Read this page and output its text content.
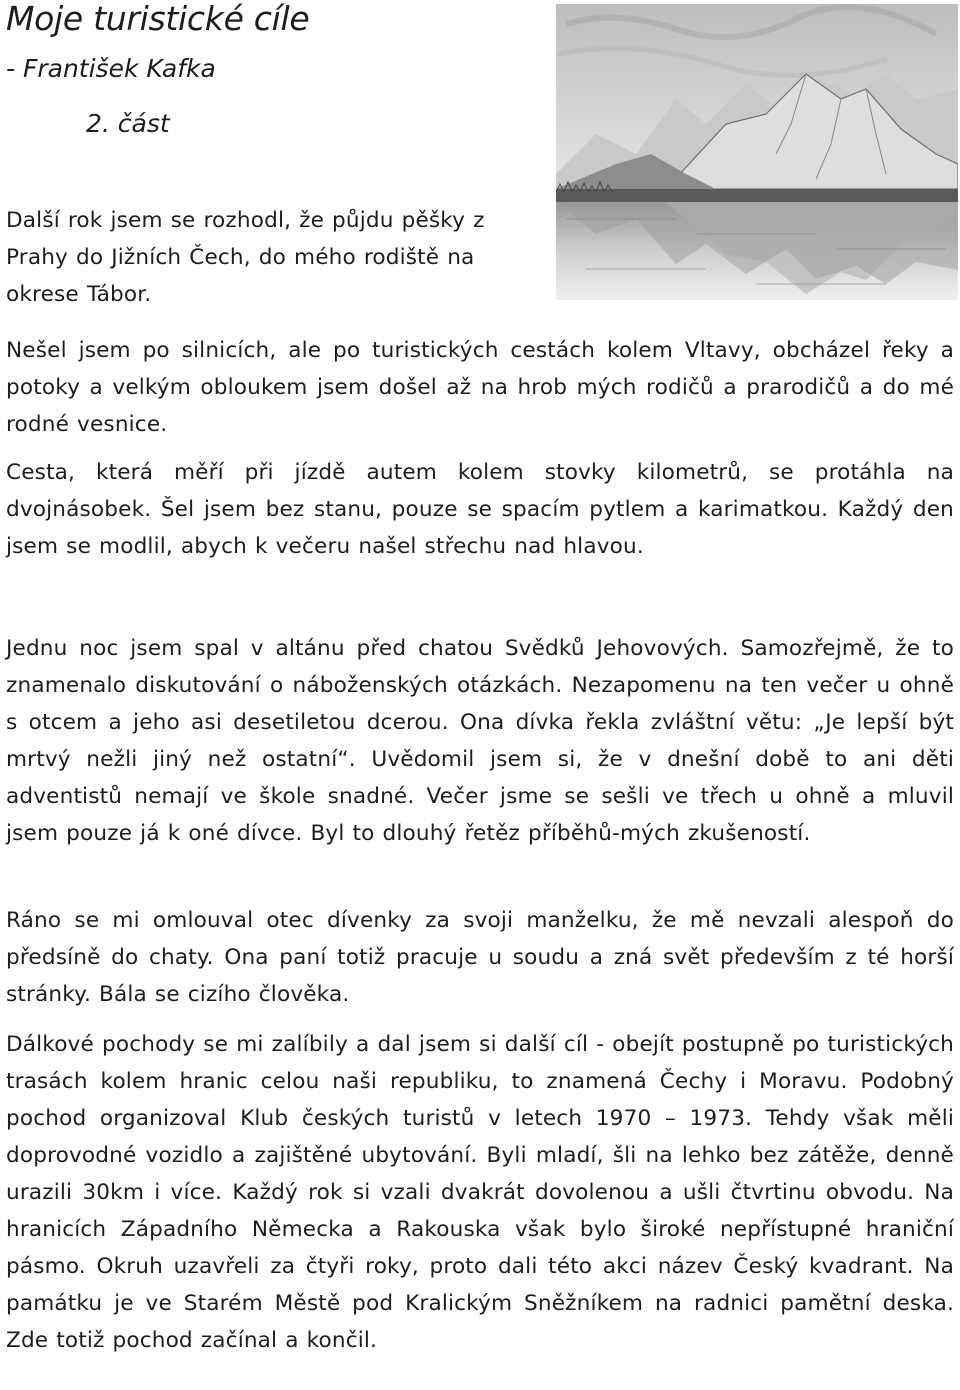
Moje turistické cíle
- František Kafka
2. část

Další rok jsem se rozhodl, že půjdu pěšky z Prahy do Jižních Čech, do mého rodiště na okrese Tábor.

Nešel jsem po silnicích, ale po turistických cestách kolem Vltavy, obcházel řeky a potoky a velkým obloukem jsem došel až na hrob mých rodičů a prarodičů a do mé rodné vesnice.

Cesta, která měří při jízdě autem kolem stovky kilometrů, se protáhla na dvojnásobek. Šel jsem bez stanu, pouze se spacím pytlem a karimatkou. Každý den jsem se modlil, abych k večeru našel střechu nad hlavou.

Jednu noc jsem spal v altánu před chatou Svědků Jehovových. Samozřejmě, že to znamenalo diskutování o náboženských otázkách. Nezapomenu na ten večer u ohně s otcem a jeho asi desetiletou dcerou. Ona dívka řekla zvláštní větu: „Je lepší být mrtvý nežli jiný než ostatní“. Uvědomil jsem si, že v dnešní době to ani děti adventistů nemají ve škole snadné. Večer jsme se sešli ve třech u ohně a mluvil jsem pouze já k oné dívce. Byl to dlouhý řetěz příběhů-mých zkušeností.

Ráno se mi omlouval otec dívenky za svoji manželku, že mě nevzali alespoň do předsíně do chaty. Ona paní totiž pracuje u soudu a zná svět především z té horší stránky. Bála se cizího člověka.

Dálkové pochody se mi zalíbily a dal jsem si další cíl - obejít postupně po turistických trasách kolem hranic celou naši republiku, to znamená Čechy i Moravu. Podobný pochod organizoval Klub českých turistů v letech 1970 – 1973. Tehdy však měli doprovodné vozidlo a zajištěné ubytování. Byli mladí, šli na lehko bez zátěže, denně urazili 30km i více. Každý rok si vzali dvakrát dovolenou a ušli čtvrtinu obvodu. Na hranicích Západního Německa a Rakouska však bylo široké nepřístupné hraniční pásmo. Okruh uzavřeli za čtyři roky, proto dali této akci název Český kvadrant. Na památku je ve Starém Městě pod Kralickým Sněžníkem na radnici pamětní deska. Zde totiž pochod začínal a končil.
